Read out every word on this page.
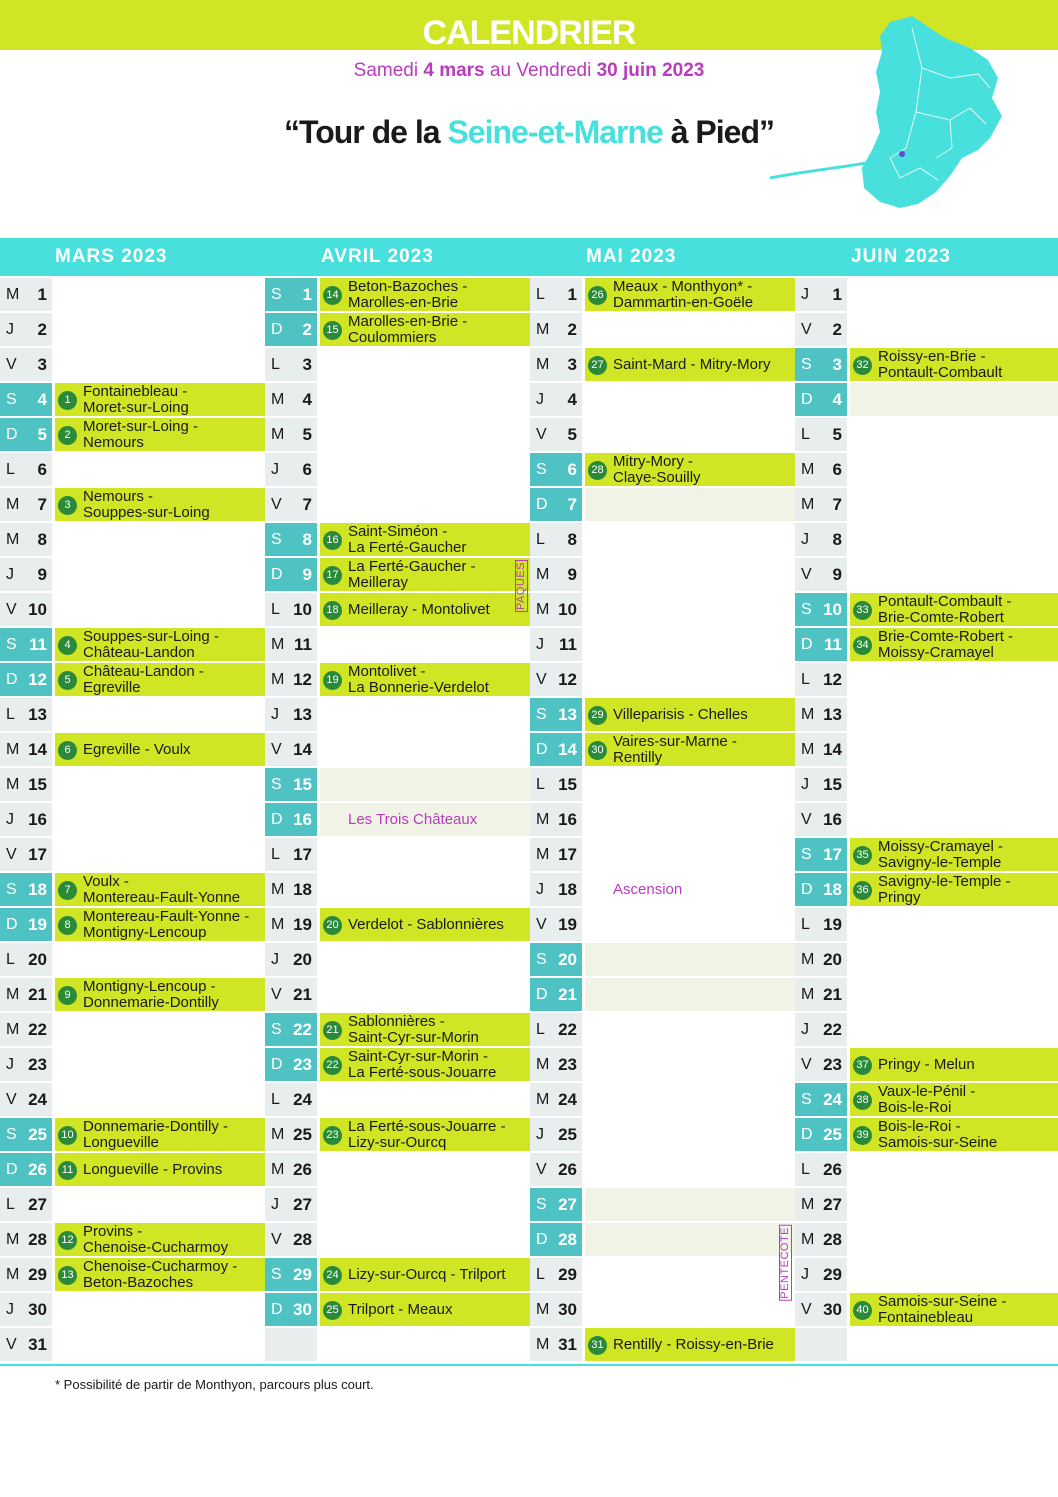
CALENDRIER
Samedi 4 mars au Vendredi 30 juin 2023
“Tour de la Seine-et-Marne à Pied”
MARS 2023	AVRIL 2023	MAI 2023	JUIN 2023
M 1
J 2
V 3
S 4	1 Fontainebleau -
Moret-sur-Loing
D 5	2 Moret-sur-Loing -
Nemours
L 6
M 7	3 Nemours -
Souppes-sur-Loing
M 8
J 9
V 10
S 11	4 Souppes-sur-Loing -
Château-Landon
D 12	5 Château-Landon -
Egreville
L 13
M 14	6 Egreville - Voulx
M 15
J 16
V 17
S 18	7 Voulx -
Montereau-Fault-Yonne
D 19	8 Montereau-Fault-Yonne -
Montigny-Lencoup
L 20
M 21	9 Montigny-Lencoup -
Donnemarie-Dontilly
M 22
J 23
V 24
S 25	10 Donnemarie-Dontilly -
Longueville
D 26	11 Longueville - Provins
L 27
M 28	12 Provins -
Chenoise-Cucharmoy
M 29	13 Chenoise-Cucharmoy -
Beton-Bazoches
J 30
V 31
S 1	14 Beton-Bazoches -
Marolles-en-Brie
D 2	15 Marolles-en-Brie -
Coulommiers
L 3
M 4
M 5
J 6
V 7
S 8	16 Saint-Siméon -
La Ferté-Gaucher
D 9	17 La Ferté-Gaucher -
Meilleray
L 10	18 Meilleray - Montolivet
M 11
M 12	19 Montolivet -
La Bonnerie-Verdelot
J 13
V 14
S 15
D 16 Les Trois Châteaux
L 17
M 18
M 19	20 Verdelot - Sablonnières
J 20
V 21
S 22	21 Sablonnières -
Saint-Cyr-sur-Morin
D 23	22 Saint-Cyr-sur-Morin -
La Ferté-sous-Jouarre
L 24
M 25	23 La Ferté-sous-Jouarre -
Lizy-sur-Ourcq
M 26
J 27
V 28
S 29	24 Lizy-sur-Ourcq - Trilport
D 30	25 Trilport - Meaux
L 1	26 Meaux - Monthyon* -
Dammartin-en-Goële
M 2
M 3	27 Saint-Mard - Mitry-Mory
J 4
V 5
S 6	28 Mitry-Mory -
Claye-Souilly
D 7
L 8
M 9
M 10
J 11
V 12
S 13	29 Villeparisis - Chelles
D 14	30 Vaires-sur-Marne -
Rentilly
L 15
M 16
M 17
J 18 Ascension
V 19
S 20
D 21
L 22
M 23
M 24
J 25
V 26
S 27
D 28
L 29
M 30
M 31	31 Rentilly - Roissy-en-Brie
J 1
V 2
S 3	32 Roissy-en-Brie -
Pontault-Combault
D 4
L 5
M 6
M 7
J 8
V 9
S 10	33 Pontault-Combault -
Brie-Comte-Robert
D 11	34 Brie-Comte-Robert -
Moissy-Cramayel
L 12
M 13
M 14
J 15
V 16
S 17	35 Moissy-Cramayel -
Savigny-le-Temple
D 18	36 Savigny-le-Temple -
Pringy
L 19
M 20
M 21
J 22
V 23	37 Pringy - Melun
S 24	38 Vaux-le-Pénil -
Bois-le-Roi
D 25	39 Bois-le-Roi -
Samois-sur-Seine
L 26
M 27
M 28
J 29
V 30	40 Samois-sur-Seine -
Fontainebleau
PAQUES
PENTECOTE
* Possibilité de partir de Monthyon, parcours plus court.
